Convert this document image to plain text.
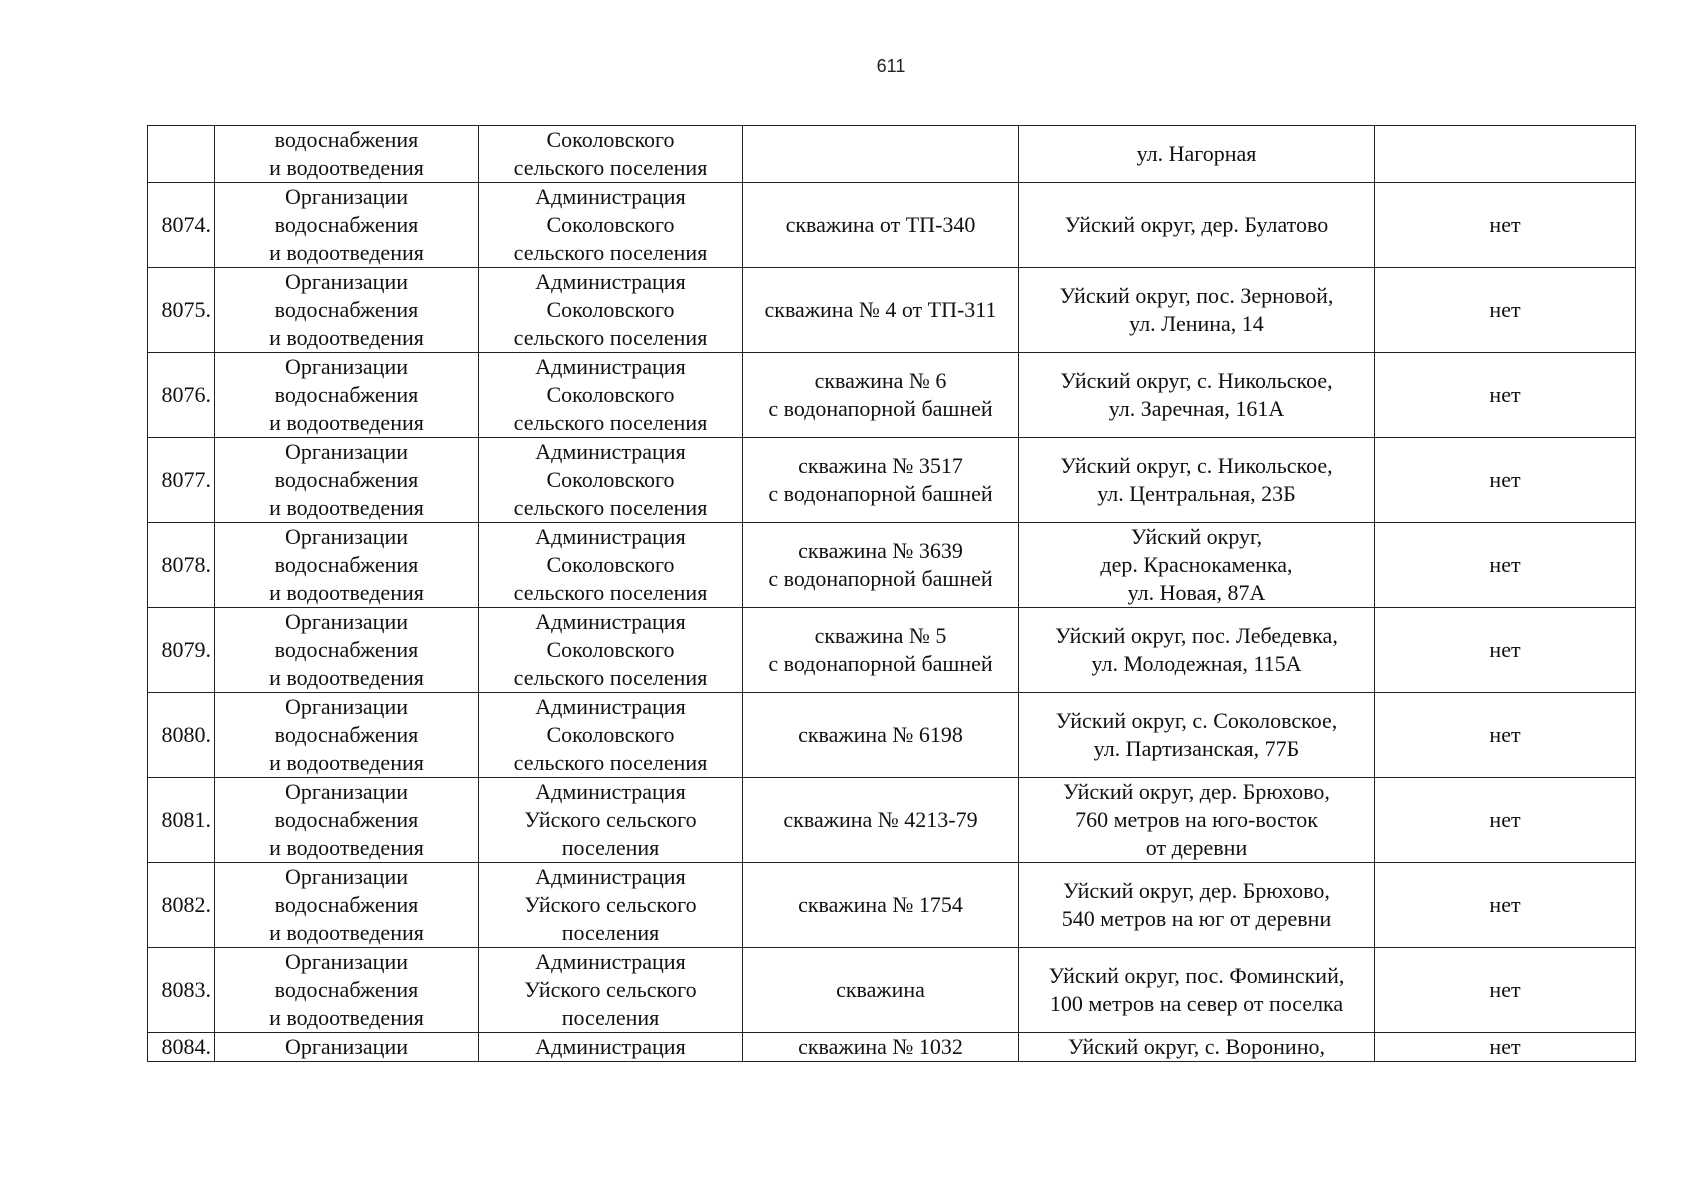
611
	водоснабжения
и водоотведения	Соколовского
сельского поселения		ул. Нагорная	
8074.	Организации
водоснабжения
и водоотведения	Администрация
Соколовского
сельского поселения	скважина от ТП-340	Уйский округ, дер. Булатово	нет
8075.	Организации
водоснабжения
и водоотведения	Администрация
Соколовского
сельского поселения	скважина № 4 от ТП-311	Уйский округ, пос. Зерновой,
ул. Ленина, 14	нет
8076.	Организации
водоснабжения
и водоотведения	Администрация
Соколовского
сельского поселения	скважина № 6
с водонапорной башней	Уйский округ, с. Никольское,
ул. Заречная, 161А	нет
8077.	Организации
водоснабжения
и водоотведения	Администрация
Соколовского
сельского поселения	скважина № 3517
с водонапорной башней	Уйский округ, с. Никольское,
ул. Центральная, 23Б	нет
8078.	Организации
водоснабжения
и водоотведения	Администрация
Соколовского
сельского поселения	скважина № 3639
с водонапорной башней	Уйский округ,
дер. Краснокаменка,
ул. Новая, 87А	нет
8079.	Организации
водоснабжения
и водоотведения	Администрация
Соколовского
сельского поселения	скважина № 5
с водонапорной башней	Уйский округ, пос. Лебедевка,
ул. Молодежная, 115А	нет
8080.	Организации
водоснабжения
и водоотведения	Администрация
Соколовского
сельского поселения	скважина № 6198	Уйский округ, с. Соколовское,
ул. Партизанская, 77Б	нет
8081.	Организации
водоснабжения
и водоотведения	Администрация
Уйского сельского
поселения	скважина № 4213-79	Уйский округ, дер. Брюхово,
760 метров на юго-восток
от деревни	нет
8082.	Организации
водоснабжения
и водоотведения	Администрация
Уйского сельского
поселения	скважина № 1754	Уйский округ, дер. Брюхово,
540 метров на юг от деревни	нет
8083.	Организации
водоснабжения
и водоотведения	Администрация
Уйского сельского
поселения	скважина	Уйский округ, пос. Фоминский,
100 метров на север от поселка	нет
8084.	Организации	Администрация	скважина № 1032	Уйский округ, с. Воронино,	нет
